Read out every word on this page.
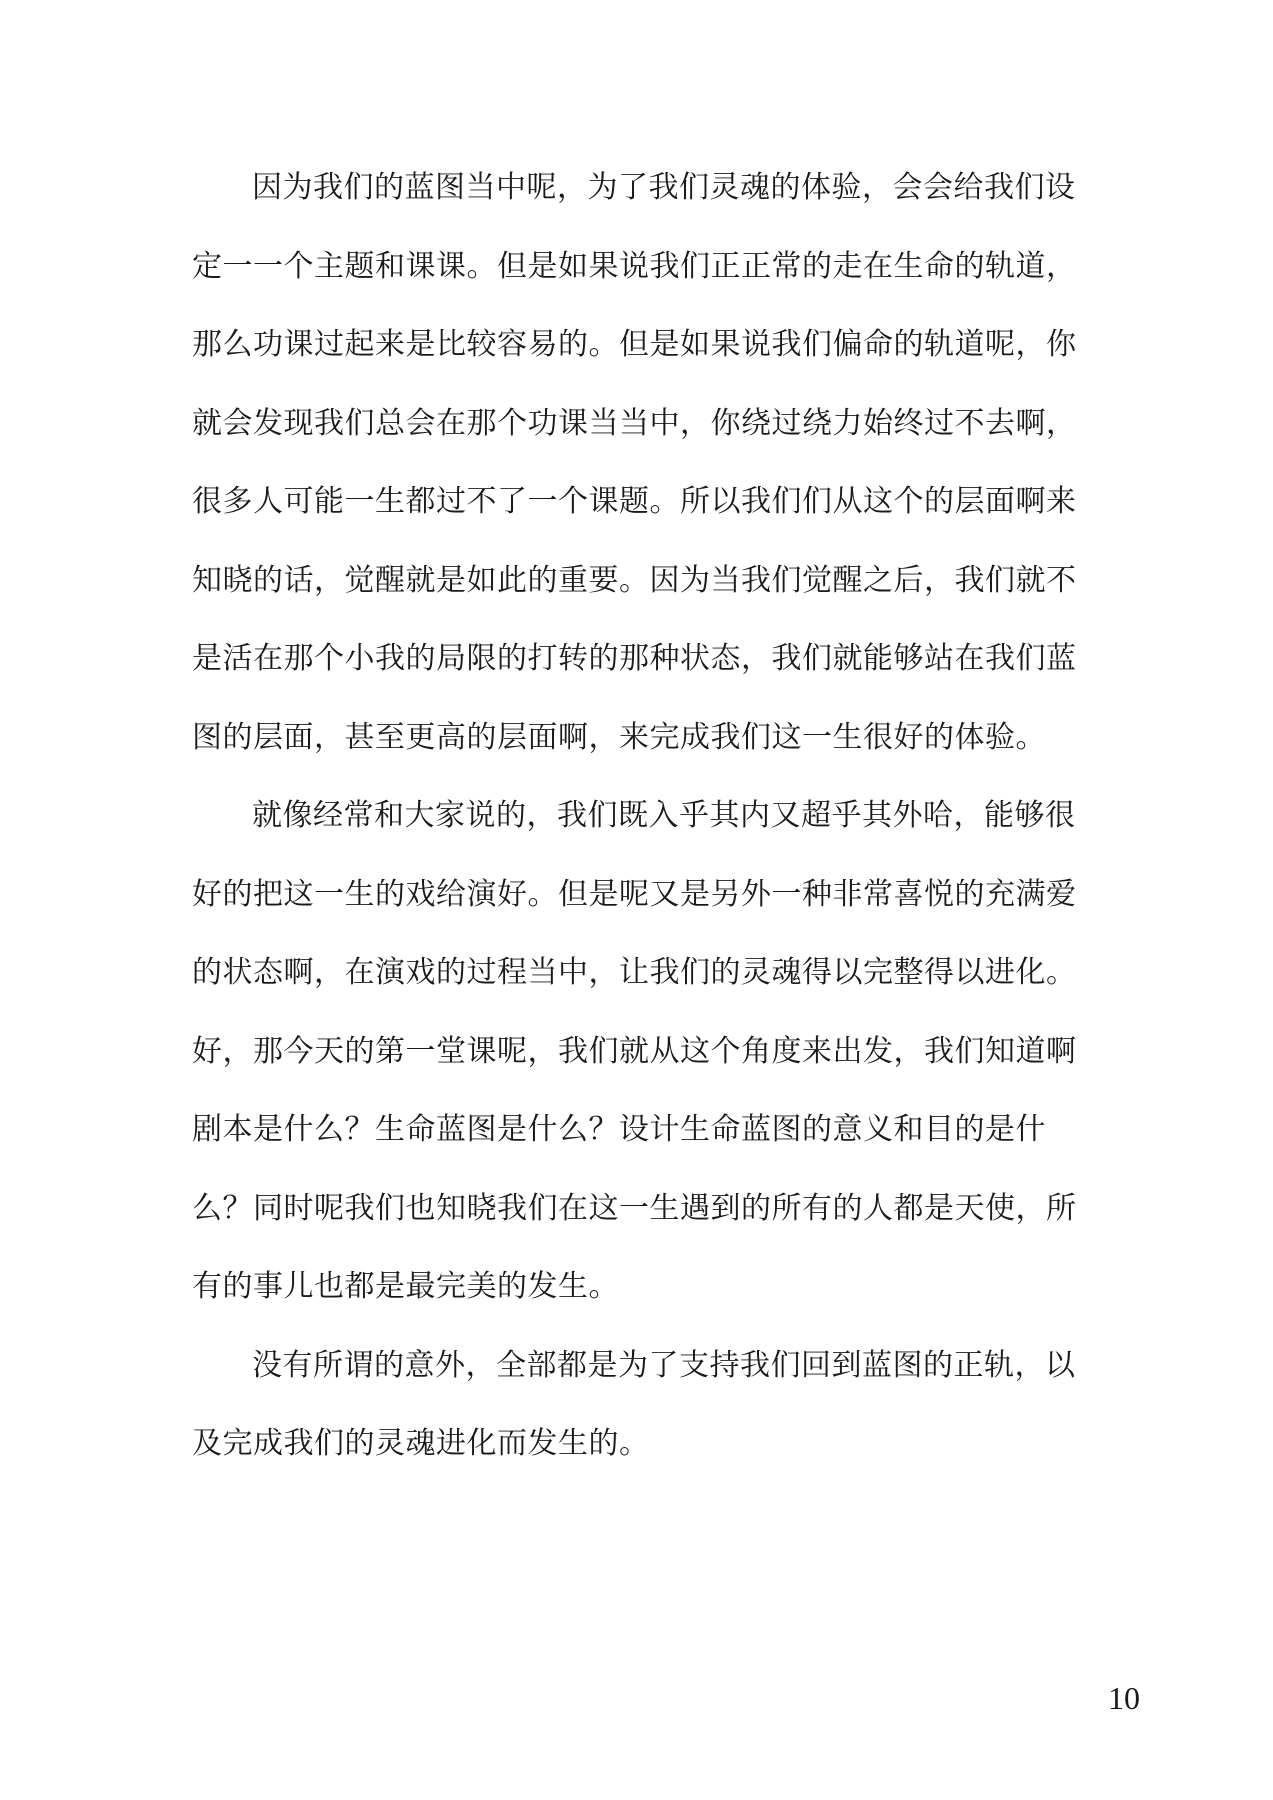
因为我们的蓝图当中呢，为了我们灵魂的体验，会会给我们设
定一一个主题和课课。但是如果说我们正正常的走在生命的轨道，
那么功课过起来是比较容易的。但是如果说我们偏命的轨道呢，你
就会发现我们总会在那个功课当当中，你绕过绕力始终过不去啊，
很多人可能一生都过不了一个课题。所以我们们从这个的层面啊来
知晓的话，觉醒就是如此的重要。因为当我们觉醒之后，我们就不
是活在那个小我的局限的打转的那种状态，我们就能够站在我们蓝
图的层面，甚至更高的层面啊，来完成我们这一生很好的体验。
就像经常和大家说的，我们既入乎其内又超乎其外哈，能够很
好的把这一生的戏给演好。但是呢又是另外一种非常喜悦的充满爱
的状态啊，在演戏的过程当中，让我们的灵魂得以完整得以进化。
好，那今天的第一堂课呢，我们就从这个角度来出发，我们知道啊
剧本是什么？生命蓝图是什么？设计生命蓝图的意义和目的是什
么？同时呢我们也知晓我们在这一生遇到的所有的人都是天使，所
有的事儿也都是最完美的发生。
没有所谓的意外，全部都是为了支持我们回到蓝图的正轨，以
及完成我们的灵魂进化而发生的。
10
